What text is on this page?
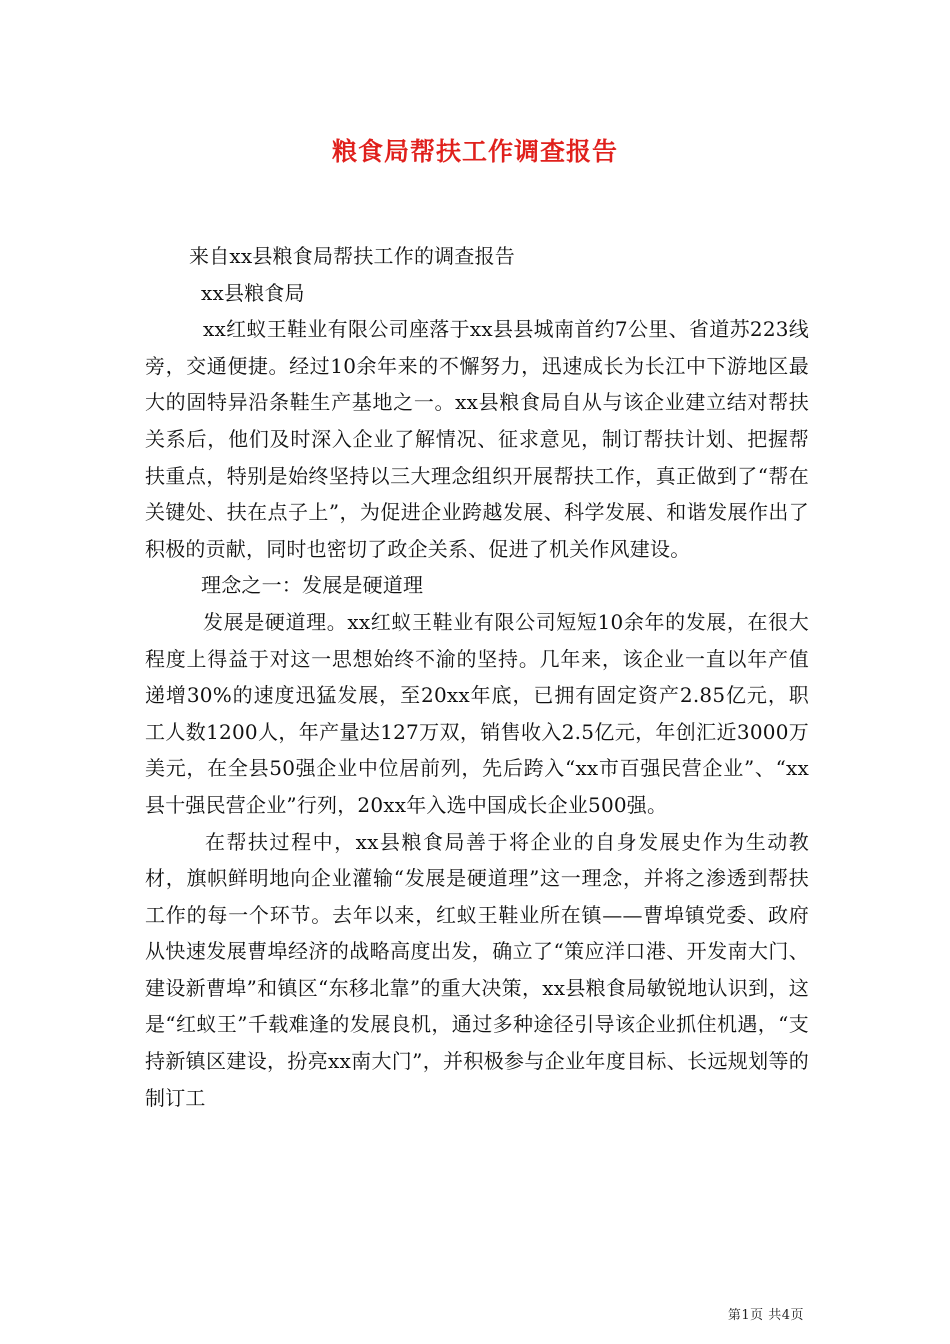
粮食局帮扶工作调查报告

来自xx县粮食局帮扶工作的调查报告

xx县粮食局

xx红蚁王鞋业有限公司座落于xx县县城南首约7公里、省道苏223线旁，交通便捷。经过10余年来的不懈努力，迅速成长为长江中下游地区最大的固特异沿条鞋生产基地之一。xx县粮食局自从与该企业建立结对帮扶关系后，他们及时深入企业了解情况、征求意见，制订帮扶计划、把握帮扶重点，特别是始终坚持以三大理念组织开展帮扶工作，真正做到了“帮在关键处、扶在点子上”，为促进企业跨越发展、科学发展、和谐发展作出了积极的贡献，同时也密切了政企关系、促进了机关作风建设。

理念之一：发展是硬道理

发展是硬道理。xx红蚁王鞋业有限公司短短10余年的发展，在很大程度上得益于对这一思想始终不渝的坚持。几年来，该企业一直以年产值递增30%的速度迅猛发展，至20xx年底，已拥有固定资产2.85亿元，职工人数1200人，年产量达127万双，销售收入2.5亿元，年创汇近3000万美元，在全县50强企业中位居前列，先后跨入“xx市百强民营企业”、“xx县十强民营企业”行列，20xx年入选中国成长企业500强。

在帮扶过程中，xx县粮食局善于将企业的自身发展史作为生动教材，旗帜鲜明地向企业灌输“发展是硬道理”这一理念，并将之渗透到帮扶工作的每一个环节。去年以来，红蚁王鞋业所在镇——曹埠镇党委、政府从快速发展曹埠经济的战略高度出发，确立了“策应洋口港、开发南大门、建设新曹埠”和镇区“东移北靠”的重大决策，xx县粮食局敏锐地认识到，这是“红蚁王”千载难逢的发展良机，通过多种途径引导该企业抓住机遇，“支持新镇区建设，扮亮xx南大门”，并积极参与企业年度目标、长远规划等的制订工

第1页 共4页
